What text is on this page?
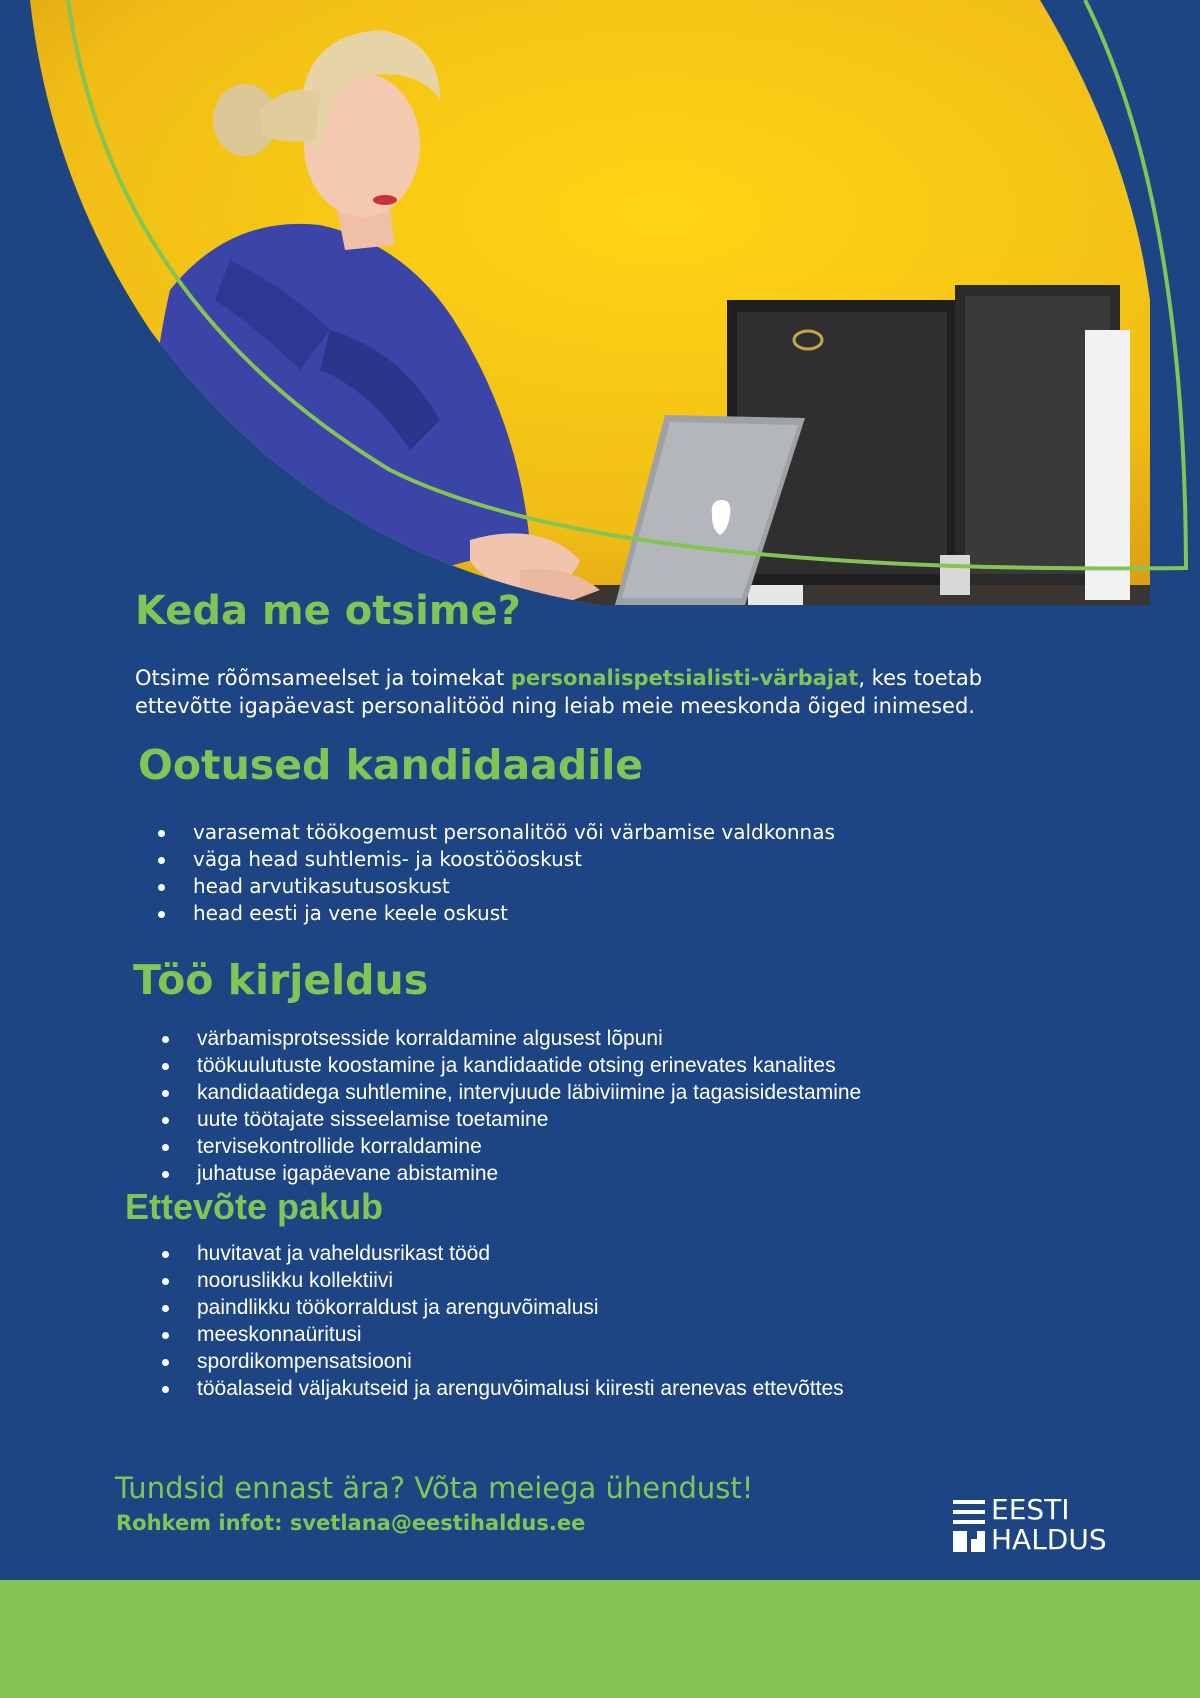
Keda me otsime?

Otsime rõõmsameelset ja toimekat personalispetsialisti-värbajat, kes toetab ettevõtte igapäevast personalitööd ning leiab meie meeskonda õiged inimesed.

Ootused kandidaadile
varasemat töökogemust personalitöö või värbamise valdkonnas
väga head suhtlemis- ja koostööoskust
head arvutikasutusoskust
head eesti ja vene keele oskust
Töö kirjeldus
värbamisprotsesside korraldamine algusest lõpuni
töökuulutuste koostamine ja kandidaatide otsing erinevates kanalites
kandidaatidega suhtlemine, intervjuude läbiviimine ja tagasisidestamine
uute töötajate sisseelamise toetamine
tervisekontrollide korraldamine
juhatuse igapäevane abistamine
Ettevõte pakub
huvitavat ja vaheldusrikast tööd
nooruslikku kollektiivi
paindlikku töökorraldust ja arenguvõimalusi
meeskonnaüritusi
spordikompensatsiooni
tööalaseid väljakutseid ja arenguvõimalusi kiiresti arenevas ettevõttes

Tundsid ennast ära? Võta meiega ühendust!

Rohkem infot: svetlana@eestihaldus.ee	EESTI
HALDUS
